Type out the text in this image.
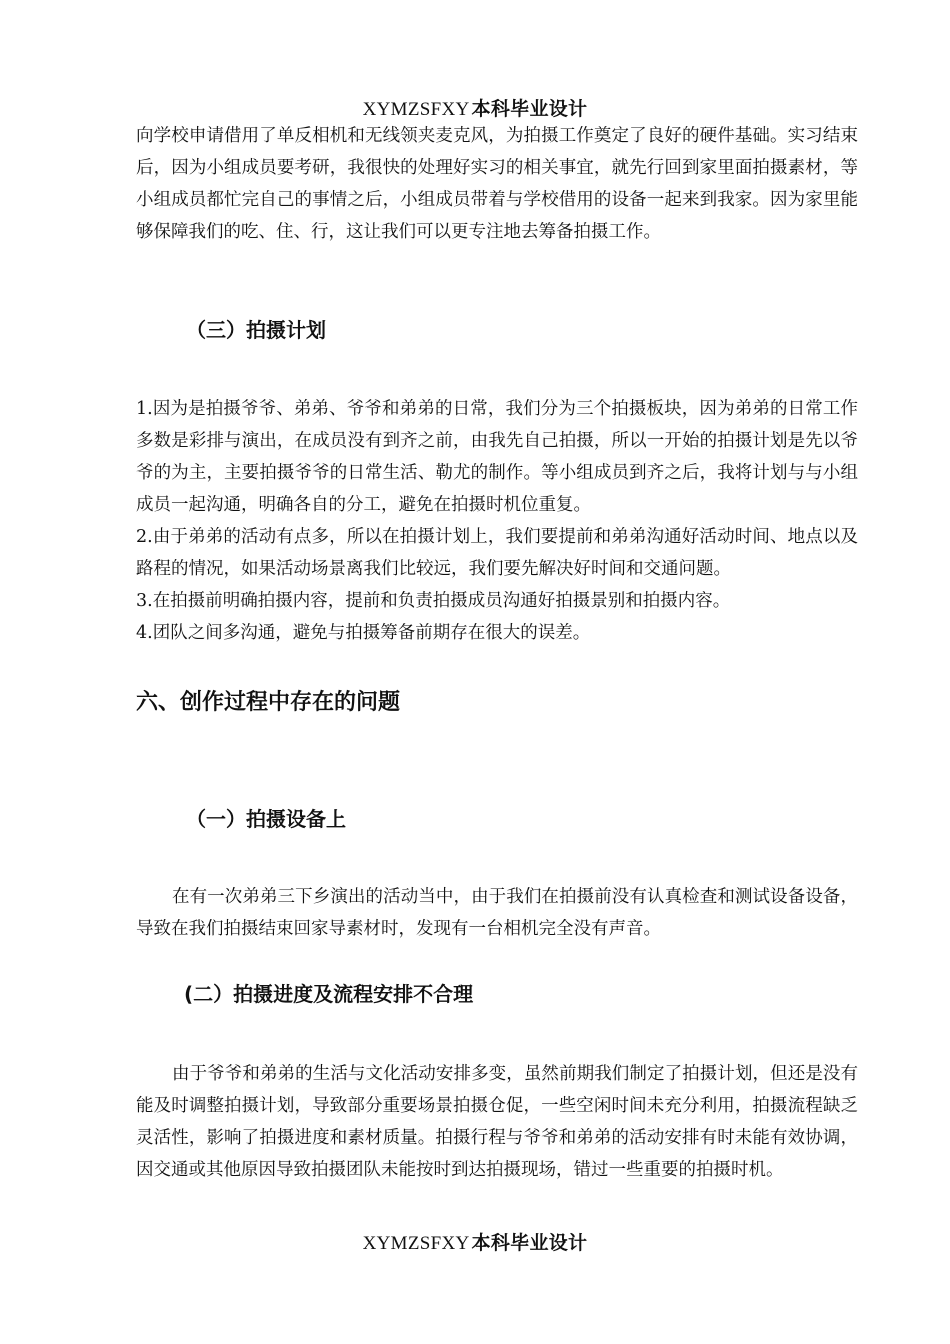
XYMZSFXY 本科毕业设计

向学校申请借用了单反相机和无线领夹麦克风，为拍摄工作奠定了良好的硬件基础。实习结束后，因为小组成员要考研，我很快的处理好实习的相关事宜，就先行回到家里面拍摄素材，等小组成员都忙完自己的事情之后，小组成员带着与学校借用的设备一起来到我家。因为家里能够保障我们的吃、住、行，这让我们可以更专注地去筹备拍摄工作。

（三）拍摄计划

1.因为是拍摄爷爷、弟弟、爷爷和弟弟的日常，我们分为三个拍摄板块，因为弟弟的日常工作多数是彩排与演出，在成员没有到齐之前，由我先自己拍摄，所以一开始的拍摄计划是先以爷爷的为主，主要拍摄爷爷的日常生活、勒尤的制作。等小组成员到齐之后，我将计划与与小组成员一起沟通，明确各自的分工，避免在拍摄时机位重复。

2.由于弟弟的活动有点多，所以在拍摄计划上，我们要提前和弟弟沟通好活动时间、地点以及路程的情况，如果活动场景离我们比较远，我们要先解决好时间和交通问题。

3.在拍摄前明确拍摄内容，提前和负责拍摄成员沟通好拍摄景别和拍摄内容。

4.团队之间多沟通，避免与拍摄筹备前期存在很大的误差。

六、创作过程中存在的问题
（一）拍摄设备上

在有一次弟弟三下乡演出的活动当中，由于我们在拍摄前没有认真检查和测试设备设备，导致在我们拍摄结束回家导素材时，发现有一台相机完全没有声音。

(二）拍摄进度及流程安排不合理

由于爷爷和弟弟的生活与文化活动安排多变，虽然前期我们制定了拍摄计划，但还是没有能及时调整拍摄计划，导致部分重要场景拍摄仓促，一些空闲时间未充分利用，拍摄流程缺乏灵活性，影响了拍摄进度和素材质量。拍摄行程与爷爷和弟弟的活动安排有时未能有效协调，因交通或其他原因导致拍摄团队未能按时到达拍摄现场，错过一些重要的拍摄时机。

XYMZSFXY 本科毕业设计
